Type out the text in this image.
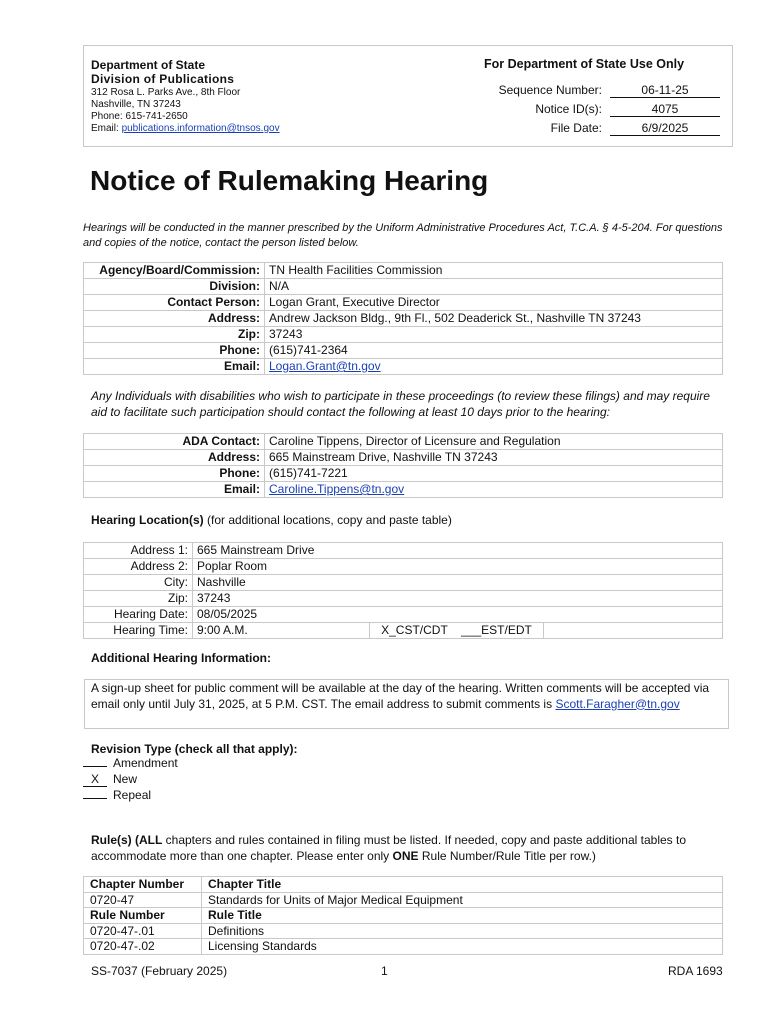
Department of State
Division of Publications
312 Rosa L. Parks Ave., 8th Floor
Nashville, TN 37243
Phone: 615-741-2650
Email: publications.information@tnsos.gov
For Department of State Use Only
Sequence Number:	06-11-25
Notice ID(s):	4075
File Date:	6/9/2025
Notice of Rulemaking Hearing
Hearings will be conducted in the manner prescribed by the Uniform Administrative Procedures Act, T.C.A. § 4-5-204. For questions and copies of the notice, contact the person listed below.
Agency/Board/Commission:	TN Health Facilities Commission
Division:	N/A
Contact Person:	Logan Grant, Executive Director
Address:	Andrew Jackson Bldg., 9th Fl., 502 Deaderick St., Nashville TN 37243
Zip:	37243
Phone:	(615)741-2364
Email:	Logan.Grant@tn.gov
Any Individuals with disabilities who wish to participate in these proceedings (to review these filings) and may require aid to facilitate such participation should contact the following at least 10 days prior to the hearing:
ADA Contact:	Caroline Tippens, Director of Licensure and Regulation
Address:	665 Mainstream Drive, Nashville TN 37243
Phone:	(615)741-7221
Email:	Caroline.Tippens@tn.gov
Hearing Location(s) (for additional locations, copy and paste table)
Address 1:	665 Mainstream Drive		
Address 2:	Poplar Room		
City:	Nashville		
Zip:	37243		
Hearing Date:	08/05/2025		
Hearing Time:	9:00 A.M.	X_CST/CDT ___EST/EDT	
Additional Hearing Information:
A sign-up sheet for public comment will be available at the day of the hearing. Written comments will be accepted via email only until July 31, 2025, at 5 P.M. CST. The email address to submit comments is Scott.Faragher@tn.gov
Revision Type (check all that apply):
Amendment
X New
Repeal
Rule(s) (ALL chapters and rules contained in filing must be listed. If needed, copy and paste additional tables to accommodate more than one chapter. Please enter only ONE Rule Number/Rule Title per row.)
Chapter Number	Chapter Title
0720-47	Standards for Units of Major Medical Equipment
Rule Number	Rule Title
0720-47-.01	Definitions
0720-47-.02	Licensing Standards
SS-7037 (February 2025)	1	RDA 1693
